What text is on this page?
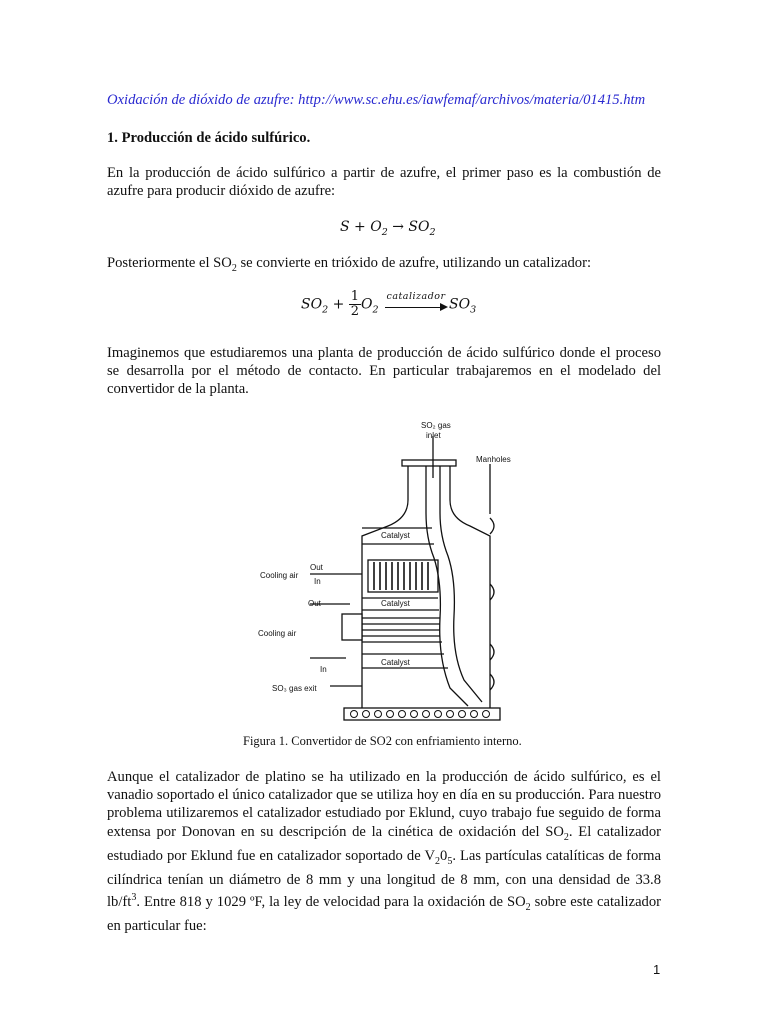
Oxidación de dióxido de azufre: http://www.sc.ehu.es/iawfemaf/archivos/materia/01415.htm
1. Producción de ácido sulfúrico.
En la producción de ácido sulfúrico a partir de azufre, el primer paso es la combustión de azufre para producir dióxido de azufre:
$S + O_2 \to SO_2$
Posteriormente el $SO_2$ se convierte en trióxido de azufre, utilizando un catalizador:
$SO_2 + \frac{1}{2} O_2$
catalizador
$SO_3$
Imaginemos que estudiaremos una planta de producción de ácido sulfúrico donde el proceso se desarrolla por el método de contacto. En particular trabajaremos en el modelado del convertidor de la planta.
SO₂ gas
inlet
Manholes
Catalyst
Catalyst
Catalyst
Cooling air
Out
In
Out
Cooling air
In
SO₃ gas exit
Figura 1. Convertidor de SO2 con enfriamiento interno.
Aunque el catalizador de platino se ha utilizado en la producción de ácido sulfúrico, es el vanadio soportado el único catalizador que se utiliza hoy en día en su producción. Para nuestro problema utilizaremos el catalizador estudiado por Eklund, cuyo trabajo fue seguido de forma extensa por Donovan en su descripción de la cinética de oxidación del $SO_2$. El catalizador estudiado por Eklund fue en catalizador soportado de $V_20_5$. Las partículas catalíticas de forma cilíndrica tenían un diámetro de 8 mm y una longitud de 8 mm, con una densidad de 33.8 $lb/ft^3$. Entre 818 y 1029 ºF, la ley de velocidad para la oxidación de $SO_2$ sobre este catalizador en particular fue:
1
